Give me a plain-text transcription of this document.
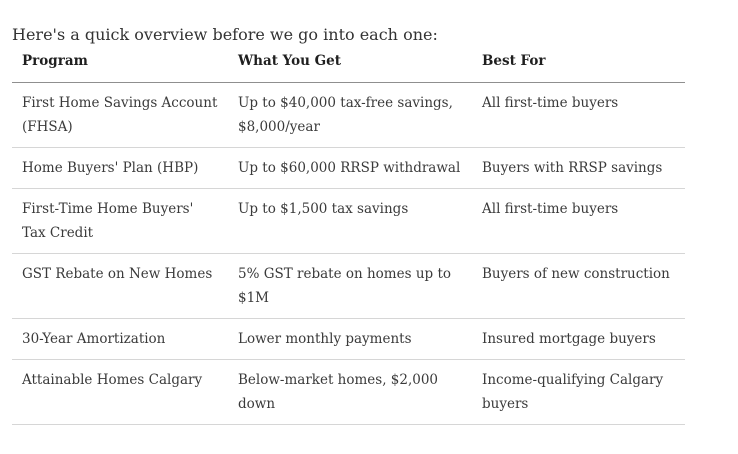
Here's a quick overview before we go into each one:

Program	What You Get	Best For
First Home Savings Account (FHSA)	Up to $40,000 tax-free savings, $8,000/year	All first-time buyers
Home Buyers' Plan (HBP)	Up to $60,000 RRSP withdrawal	Buyers with RRSP savings
First-Time Home Buyers' Tax Credit	Up to $1,500 tax savings	All first-time buyers
GST Rebate on New Homes	5% GST rebate on homes up to $1M	Buyers of new construction
30-Year Amortization	Lower monthly payments	Insured mortgage buyers
Attainable Homes Calgary	Below-market homes, $2,000 down	Income-qualifying Calgary buyers
